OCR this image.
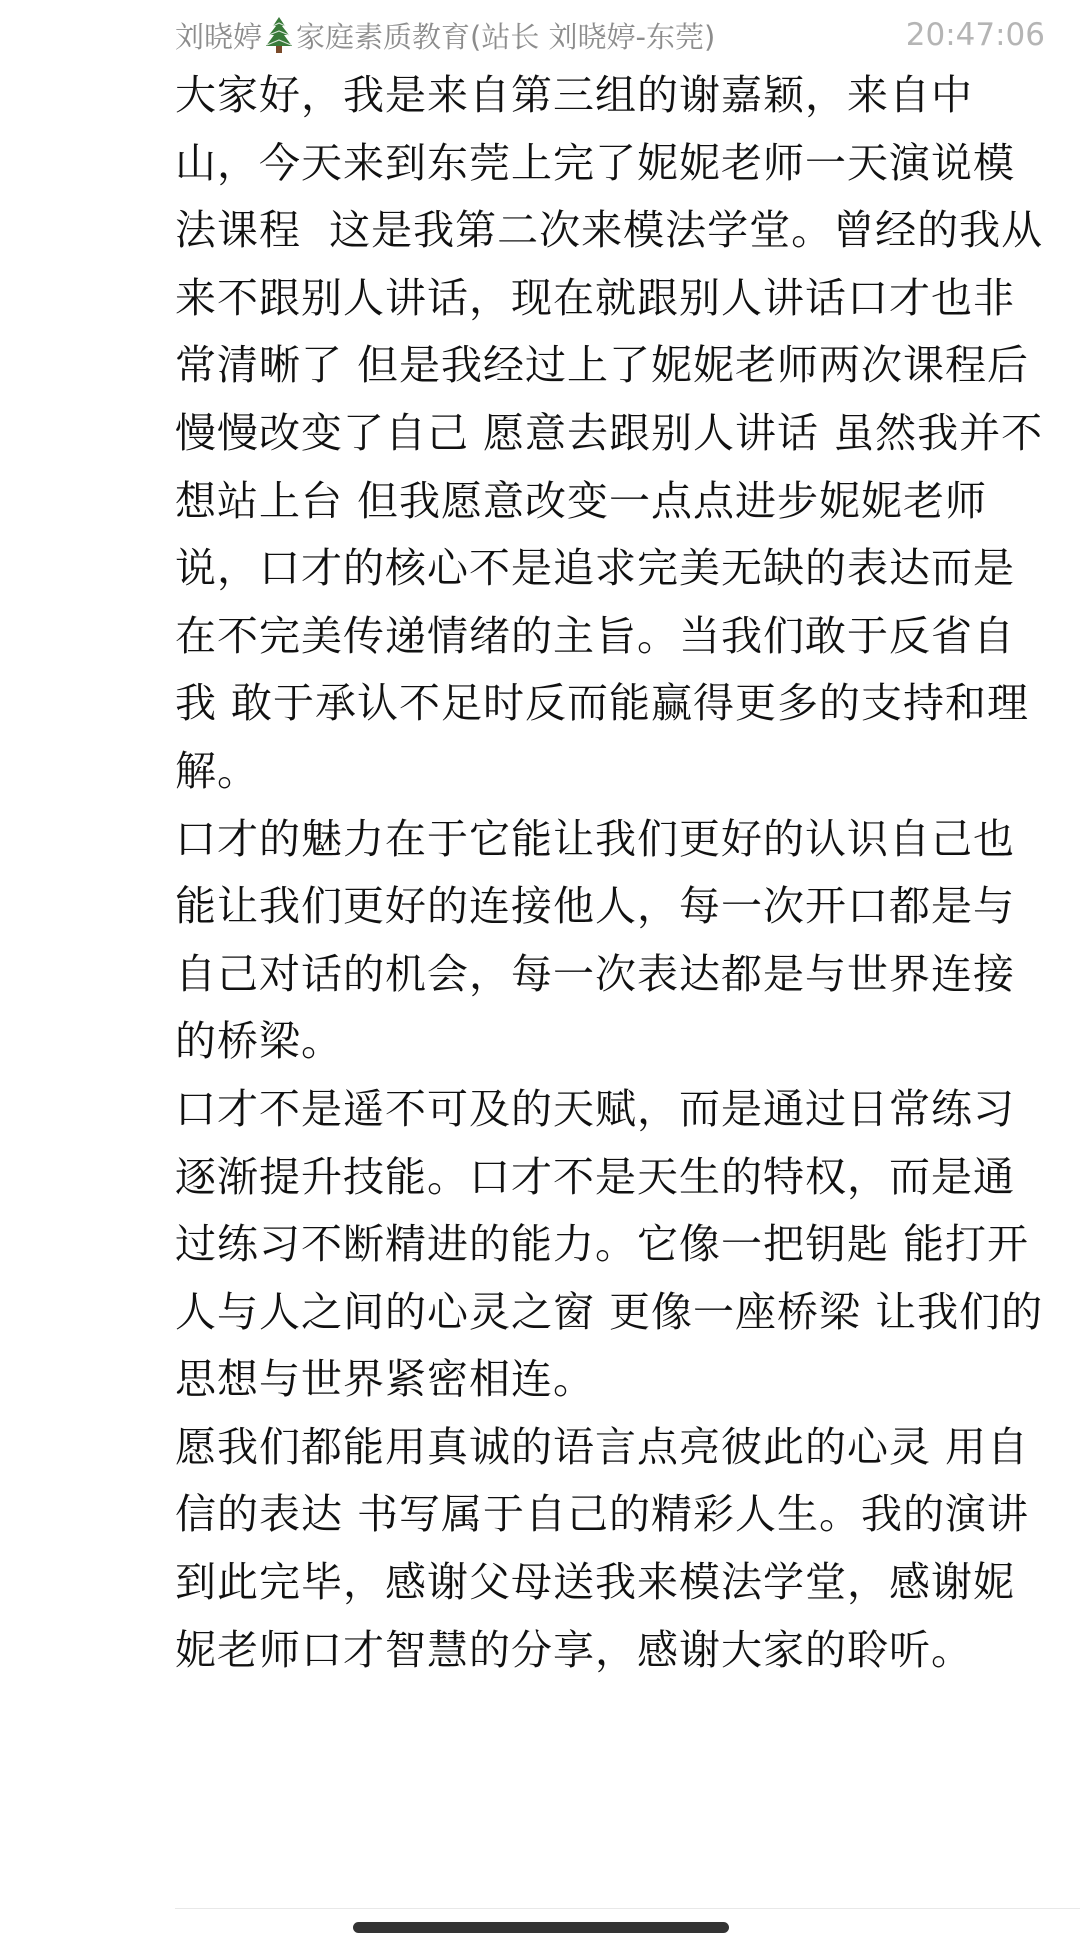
刘晓婷 家庭素质教育(站长 刘晓婷-东莞)	20:47:06

大家好，我是来自第三组的谢嘉颖，来自中山，今天来到东莞上完了妮妮老师一天演说模法课程  这是我第二次来模法学堂。曾经的我从来不跟别人讲话，现在就跟别人讲话口才也非常清晰了 但是我经过上了妮妮老师两次课程后慢慢改变了自己 愿意去跟别人讲话 虽然我并不想站上台 但我愿意改变一点点进步妮妮老师说，口才的核心不是追求完美无缺的表达而是在不完美传递情绪的主旨。当我们敢于反省自我 敢于承认不足时反而能赢得更多的支持和理解。

口才的魅力在于它能让我们更好的认识自己也能让我们更好的连接他人，每一次开口都是与自己对话的机会，每一次表达都是与世界连接的桥梁。

口才不是遥不可及的天赋，而是通过日常练习逐渐提升技能。口才不是天生的特权，而是通过练习不断精进的能力。它像一把钥匙 能打开人与人之间的心灵之窗 更像一座桥梁 让我们的思想与世界紧密相连。

愿我们都能用真诚的语言点亮彼此的心灵 用自信的表达 书写属于自己的精彩人生。我的演讲到此完毕，感谢父母送我来模法学堂，感谢妮妮老师口才智慧的分享，感谢大家的聆听。
